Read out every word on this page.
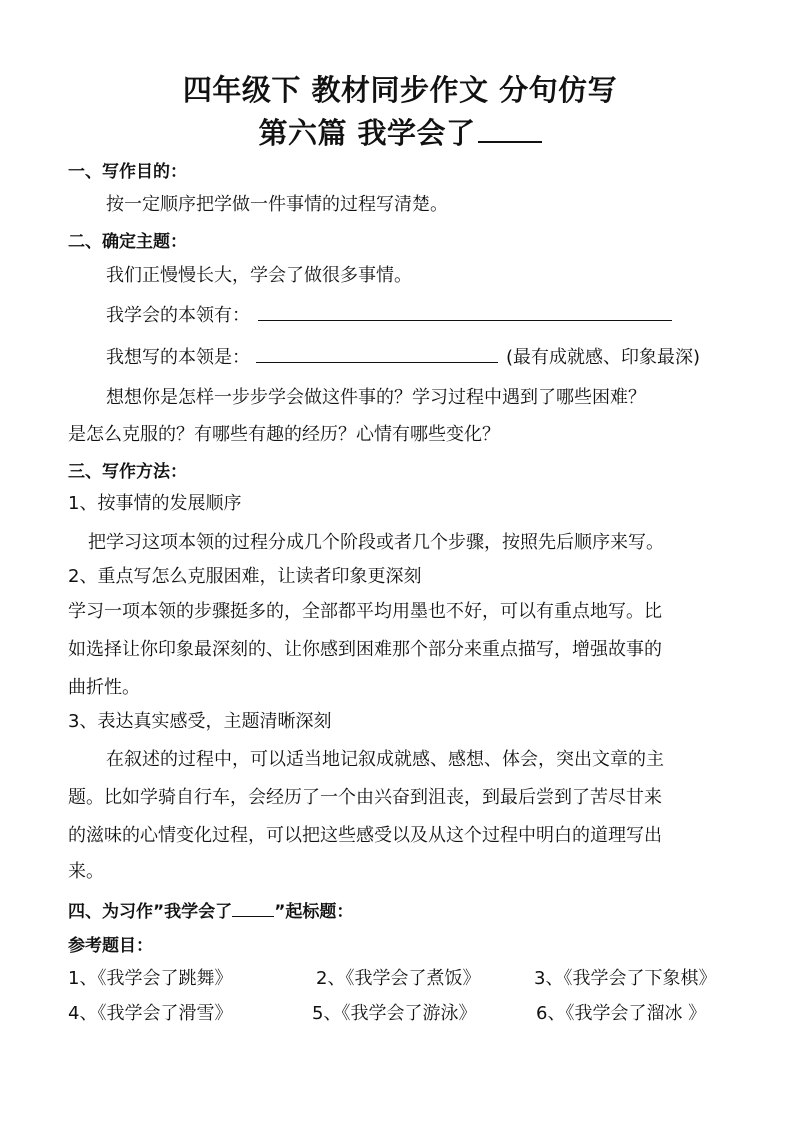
四年级下 教材同步作文 分句仿写
第六篇 我学会了
一、写作目的：
按一定顺序把学做一件事情的过程写清楚。
二、确定主题：
我们正慢慢长大，学会了做很多事情。
我学会的本领有：
我想写的本领是：	(最有成就感、印象最深)
想想你是怎样一步步学会做这件事的？学习过程中遇到了哪些困难？
是怎么克服的？有哪些有趣的经历？心情有哪些变化？
三、写作方法：
1、按事情的发展顺序
把学习这项本领的过程分成几个阶段或者几个步骤，按照先后顺序来写。
2、重点写怎么克服困难，让读者印象更深刻
学习一项本领的步骤挺多的，全部都平均用墨也不好，可以有重点地写。比
如选择让你印象最深刻的、让你感到困难那个部分来重点描写，增强故事的
曲折性。
3、表达真实感受，主题清晰深刻
在叙述的过程中，可以适当地记叙成就感、感想、体会，突出文章的主
题。比如学骑自行车，会经历了一个由兴奋到沮丧，到最后尝到了苦尽甘来
的滋味的心情变化过程，可以把这些感受以及从这个过程中明白的道理写出
来。
四、为习作”我学会了 ”起标题：
参考题目：
1、《我学会了跳舞》	2、《我学会了煮饭》	3、《我学会了下象棋》
4、《我学会了滑雪》	5、《我学会了游泳》	6、《我学会了溜冰 》
